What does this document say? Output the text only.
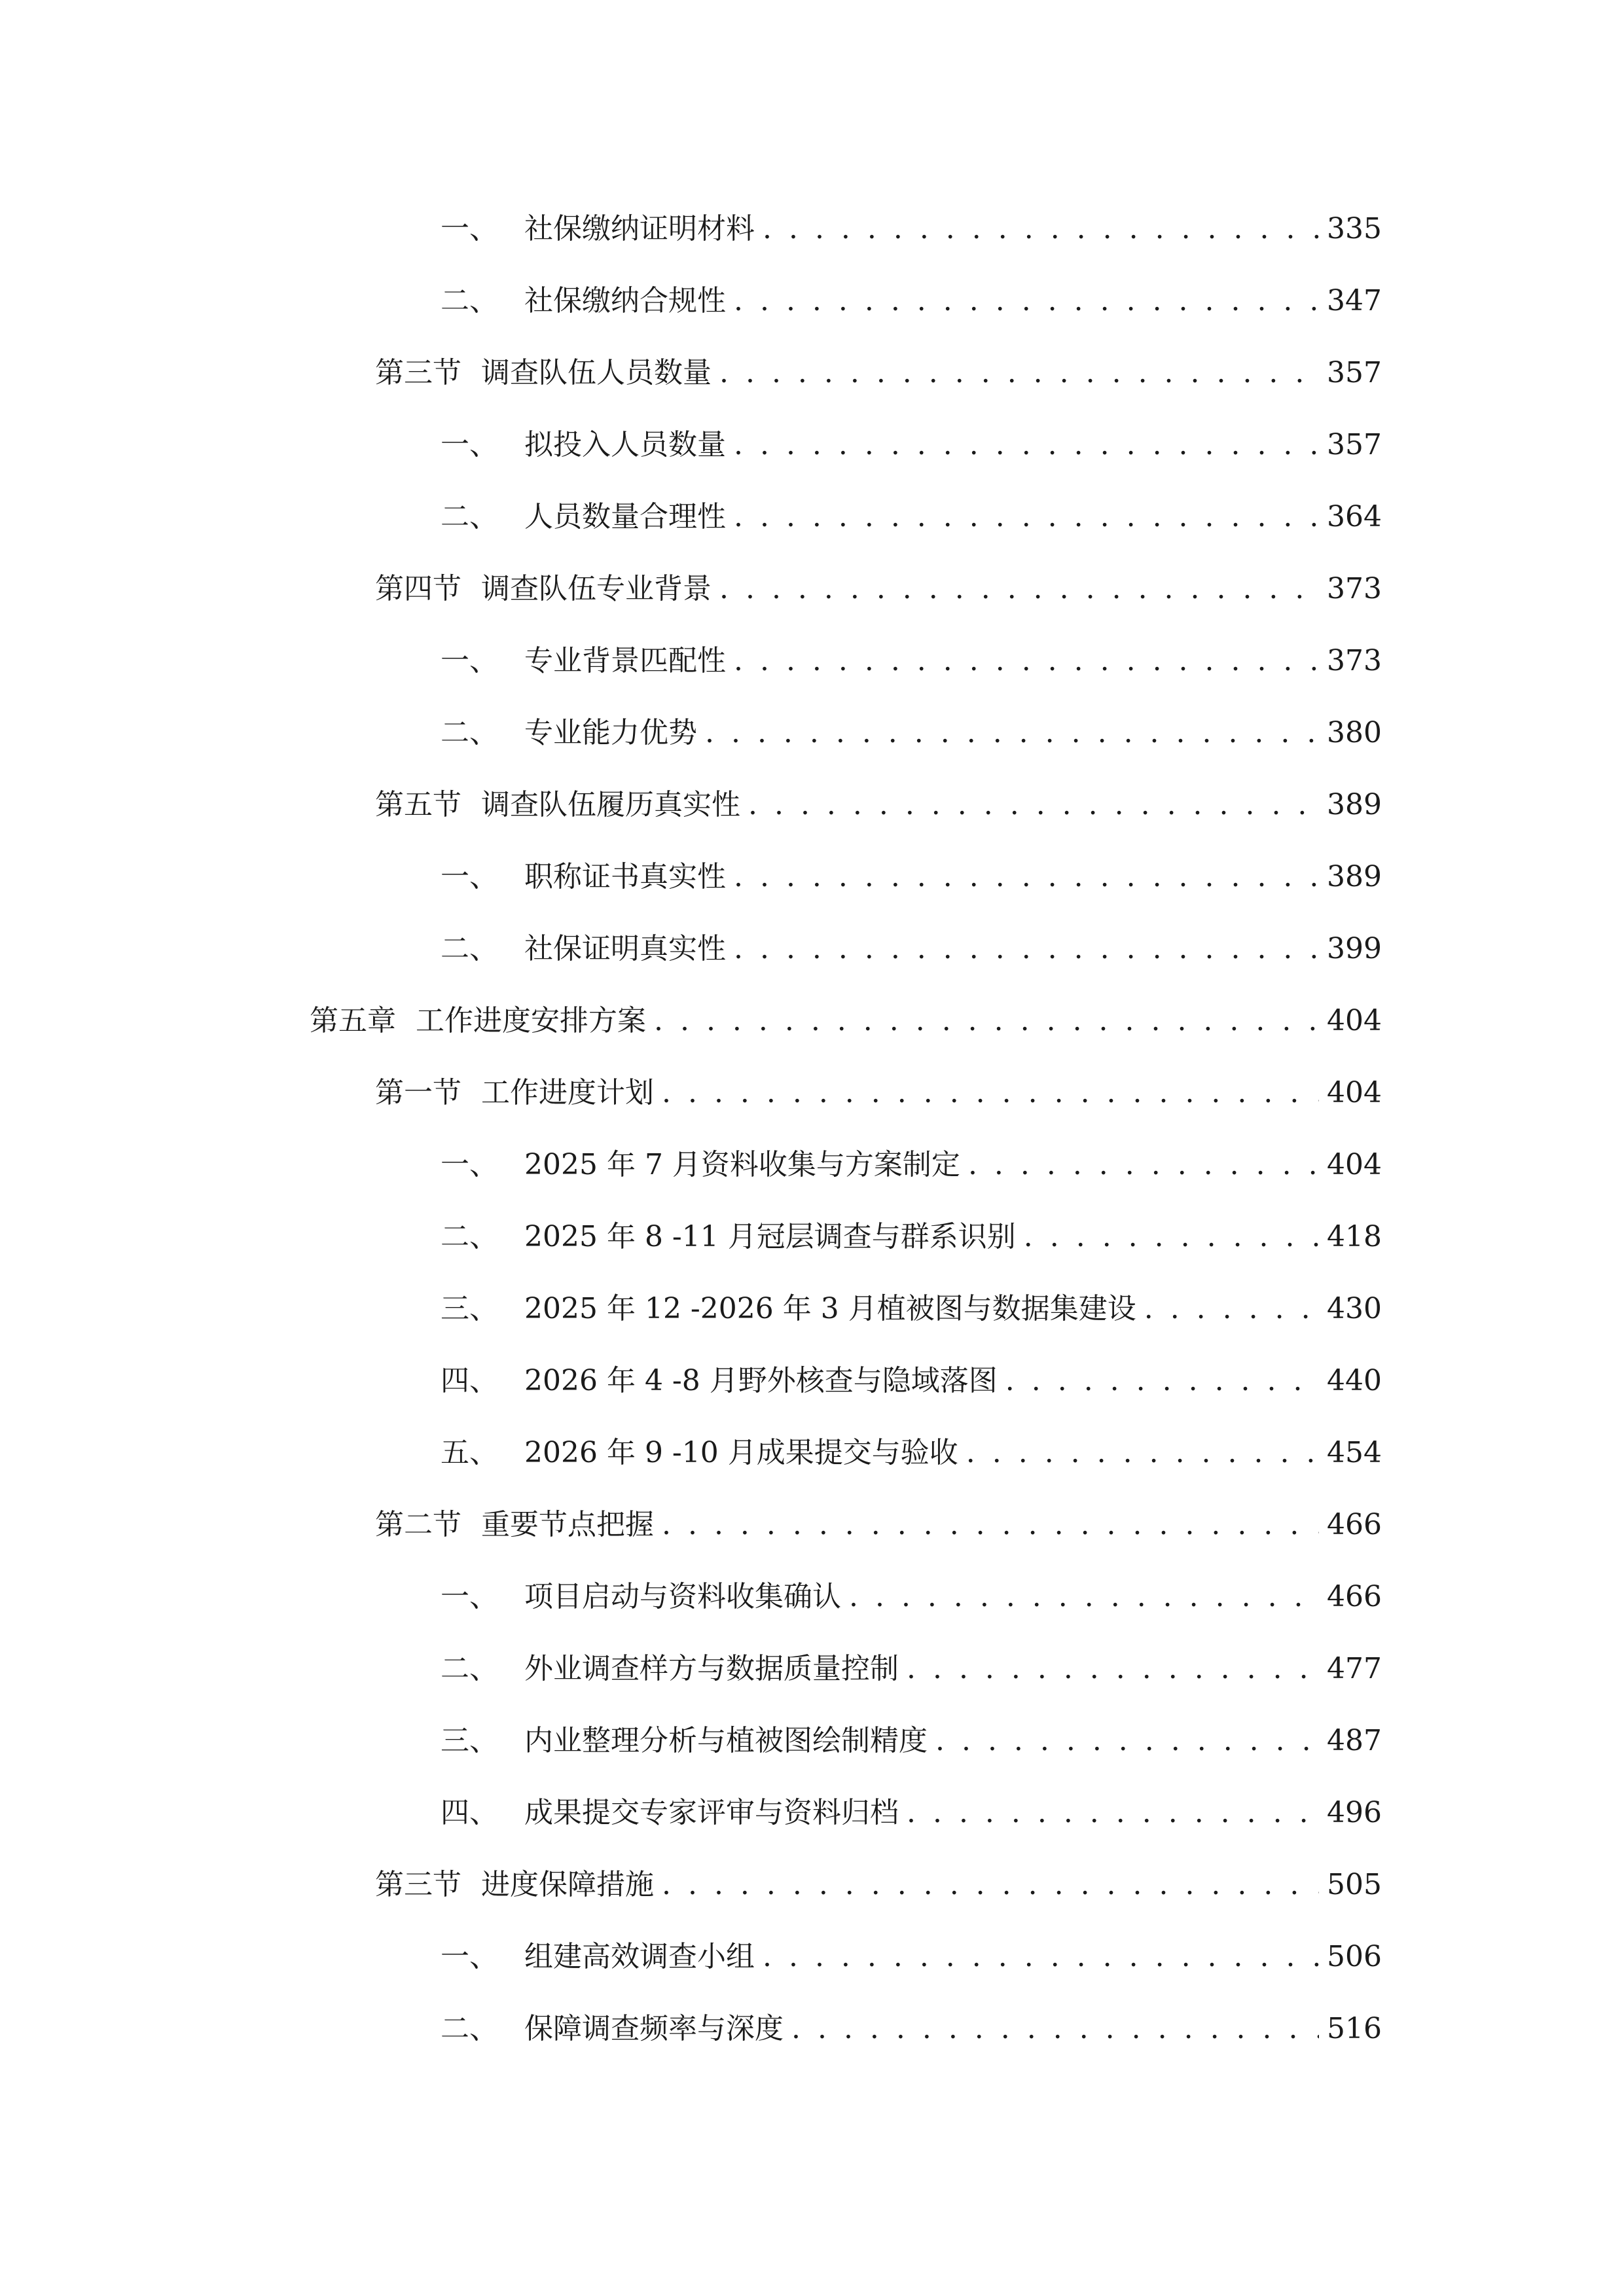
一、 社保缴纳证明材料 . . .	335
二、 社保缴纳合规性 . . .	347
第三节 调查队伍人员数量 . . .	357
一、 拟投入人员数量 . . .	357
二、 人员数量合理性 . . .	364
第四节 调查队伍专业背景 . . .	373
一、 专业背景匹配性 . . .	373
二、 专业能力优势 . . .	380
第五节 调查队伍履历真实性 . . .	389
一、 职称证书真实性 . . .	389
二、 社保证明真实性 . . .	399
第五章 工作进度安排方案 . . .	404
第一节 工作进度计划 . . .	404
一、 2025 年 7 月资料收集与方案制定 . . .	404
二、 2025 年 8 -11 月冠层调查与群系识别 . . .	418
三、 2025 年 12 -2026 年 3 月植被图与数据集建设 . . .	430
四、 2026 年 4 -8 月野外核查与隐域落图 . . .	440
五、 2026 年 9 -10 月成果提交与验收 . . .	454
第二节 重要节点把握 . . .	466
一、 项目启动与资料收集确认 . . .	466
二、 外业调查样方与数据质量控制 . . .	477
三、 内业整理分析与植被图绘制精度 . . .	487
四、 成果提交专家评审与资料归档 . . .	496
第三节 进度保障措施 . . .	505
一、 组建高效调查小组 . . .	506
二、 保障调查频率与深度 . . .	516
